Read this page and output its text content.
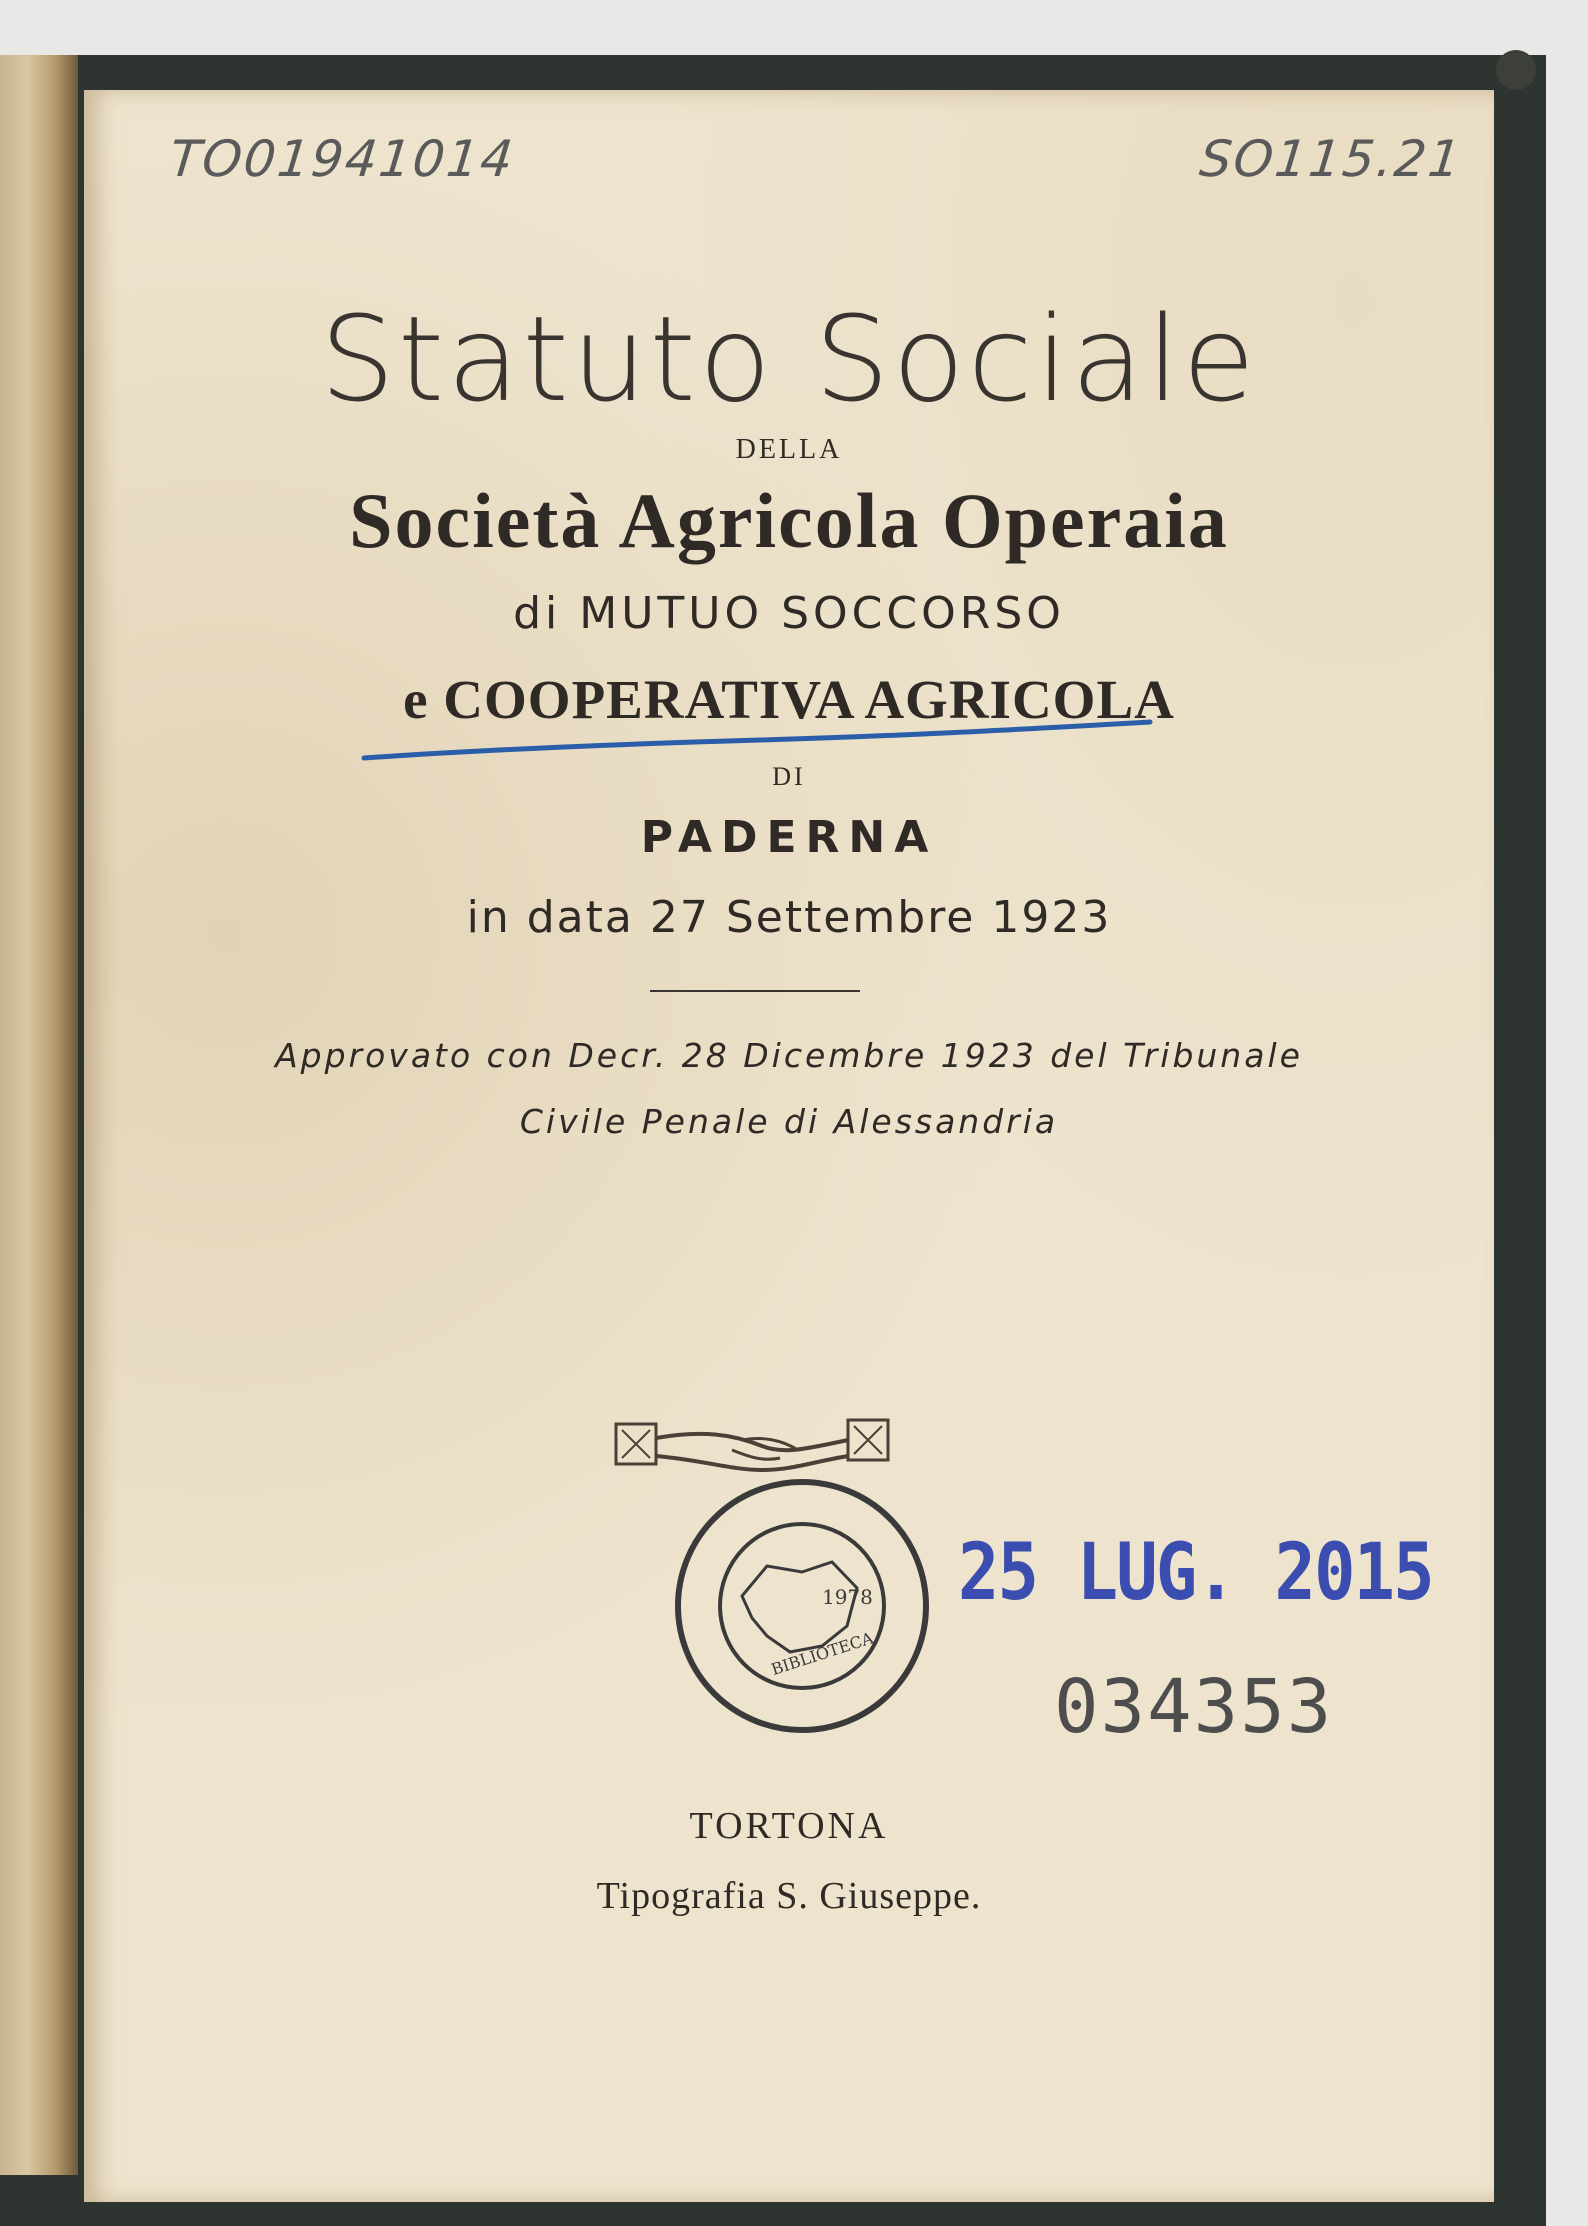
TO01941014	SO115.21
Statuto Sociale
DELLA
Società Agricola Operaia
di MUTUO SOCCORSO
e COOPERATIVA AGRICOLA
DI
PADERNA
in data 27 Settembre 1923
Approvato con Decr. 28 Dicembre 1923 del Tribunale
Civile Penale di Alessandria
1978
BIBLIOTECA
25 LUG. 2015
034353
TORTONA
Tipografia S. Giuseppe.
